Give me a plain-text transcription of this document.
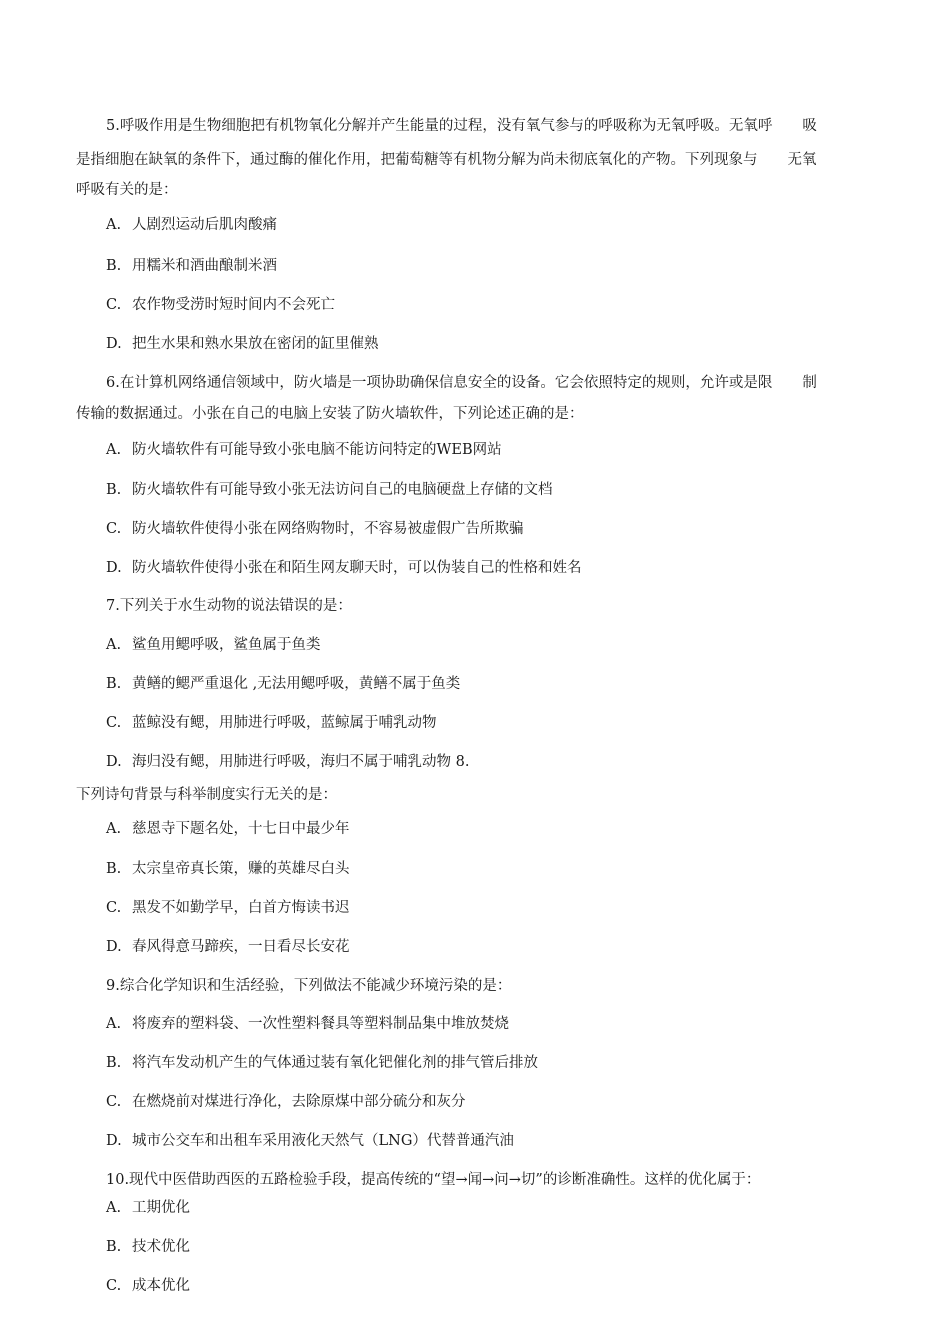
5.呼吸作用是生物细胞把有机物氧化分解并产生能量的过程，没有氧气参与的呼吸称为无氧呼吸。无氧呼 吸
是指细胞在缺氧的条件下，通过酶的催化作用，把葡萄糖等有机物分解为尚未彻底氧化的产物。下列现象与 无氧
呼吸有关的是：
A. 人剧烈运动后肌肉酸痛
B. 用糯米和酒曲酿制米酒
C. 农作物受涝时短时间内不会死亡
D. 把生水果和熟水果放在密闭的缸里催熟
6.在计算机网络通信领域中，防火墙是一项协助确保信息安全的设备。它会依照特定的规则，允许或是限 制
传输的数据通过。小张在自己的电脑上安装了防火墙软件，下列论述正确的是：
A. 防火墙软件有可能导致小张电脑不能访问特定的WEB网站
B. 防火墙软件有可能导致小张无法访问自己的电脑硬盘上存储的文档
C. 防火墙软件使得小张在网络购物时，不容易被虚假广告所欺骗
D. 防火墙软件使得小张在和陌生网友聊天时，可以伪装自己的性格和姓名
7.下列关于水生动物的说法错误的是：
A. 鲨鱼用鳃呼吸，鲨鱼属于鱼类
B. 黄鳝的鳃严重退化 ,无法用鳃呼吸，黄鳝不属于鱼类
C. 蓝鲸没有鳃，用肺进行呼吸，蓝鲸属于哺乳动物
D. 海归没有鳃，用肺进行呼吸，海归不属于哺乳动物 8.
下列诗句背景与科举制度实行无关的是：
A. 慈恩寺下题名处，十七日中最少年
B. 太宗皇帝真长策，赚的英雄尽白头
C. 黑发不如勤学早，白首方悔读书迟
D. 春风得意马蹄疾，一日看尽长安花
9.综合化学知识和生活经验，下列做法不能减少环境污染的是：
A. 将废弃的塑料袋、一次性塑料餐具等塑料制品集中堆放焚烧
B. 将汽车发动机产生的气体通过装有氧化钯催化剂的排气管后排放
C. 在燃烧前对煤进行净化，去除原煤中部分硫分和灰分
D. 城市公交车和出租车采用液化天然气（LNG）代替普通汽油
10.现代中医借助西医的五路检验手段，提高传统的“望→闻→问→切”的诊断准确性。这样的优化属于：
A. 工期优化
B. 技术优化
C. 成本优化
